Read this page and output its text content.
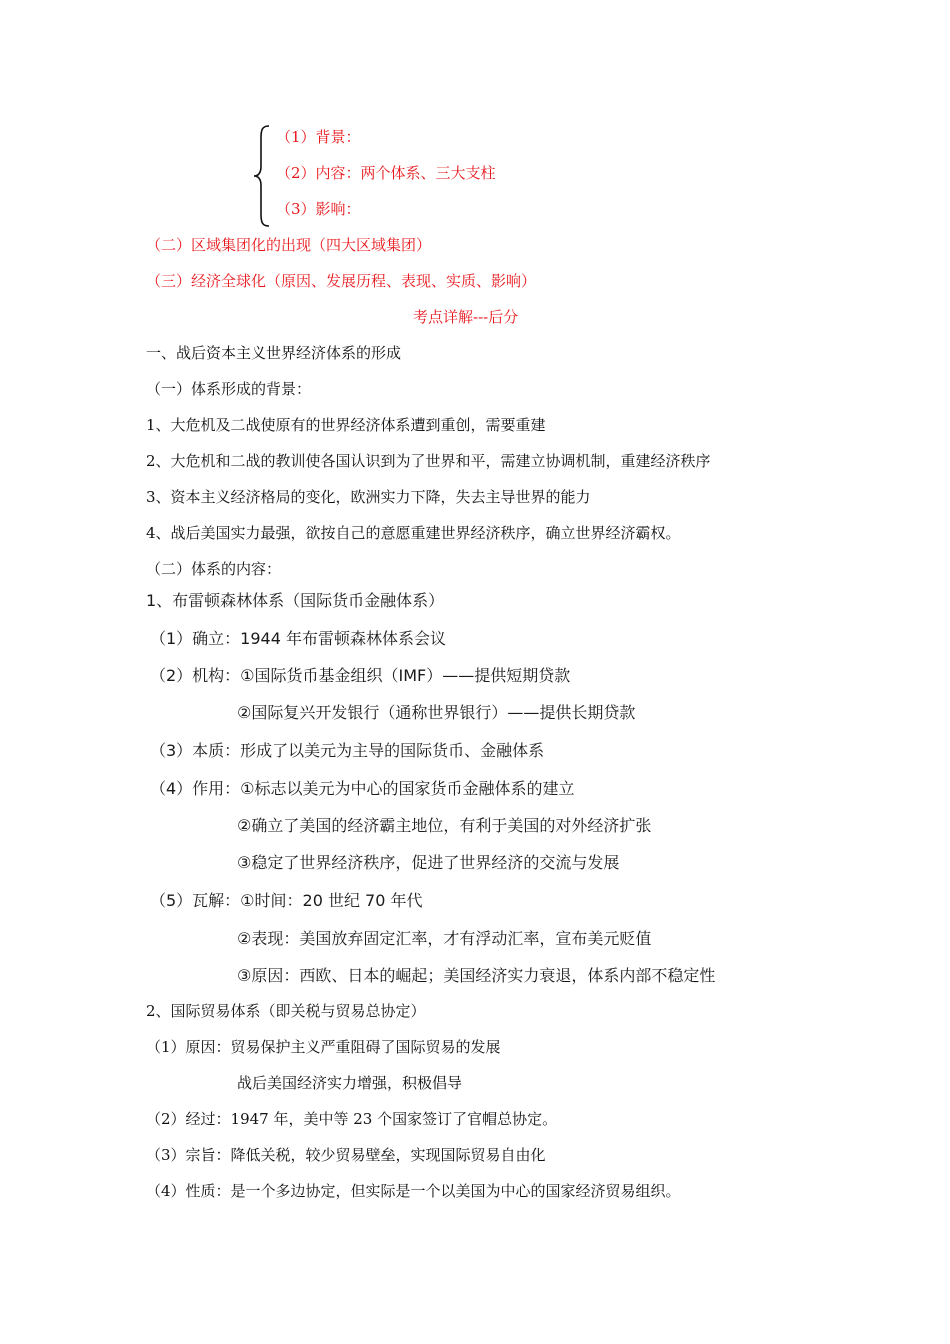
（1）背景：
（2）内容：两个体系、三大支柱
（3）影响：
（二）区域集团化的出现（四大区域集团）
（三）经济全球化（原因、发展历程、表现、实质、影响）
考点详解---后分
一、战后资本主义世界经济体系的形成
（一）体系形成的背景：
1、大危机及二战使原有的世界经济体系遭到重创，需要重建
2、大危机和二战的教训使各国认识到为了世界和平，需建立协调机制，重建经济秩序
3、资本主义经济格局的变化，欧洲实力下降，失去主导世界的能力
4、战后美国实力最强，欲按自己的意愿重建世界经济秩序，确立世界经济霸权。
（二）体系的内容：
1、布雷顿森林体系（国际货币金融体系）
（1）确立：1944 年布雷顿森林体系会议
（2）机构：①国际货币基金组织（IMF）——提供短期贷款
②国际复兴开发银行（通称世界银行）——提供长期贷款
（3）本质：形成了以美元为主导的国际货币、金融体系
（4）作用：①标志以美元为中心的国家货币金融体系的建立
②确立了美国的经济霸主地位，有利于美国的对外经济扩张
③稳定了世界经济秩序，促进了世界经济的交流与发展
（5）瓦解：①时间：20 世纪 70 年代
②表现：美国放弃固定汇率，才有浮动汇率，宣布美元贬值
③原因：西欧、日本的崛起；美国经济实力衰退，体系内部不稳定性
2、国际贸易体系（即关税与贸易总协定）
（1）原因：贸易保护主义严重阻碍了国际贸易的发展
战后美国经济实力增强，积极倡导
（2）经过：1947 年，美中等 23 个国家签订了官帽总协定。
（3）宗旨：降低关税，较少贸易壁垒，实现国际贸易自由化
（4）性质：是一个多边协定，但实际是一个以美国为中心的国家经济贸易组织。
